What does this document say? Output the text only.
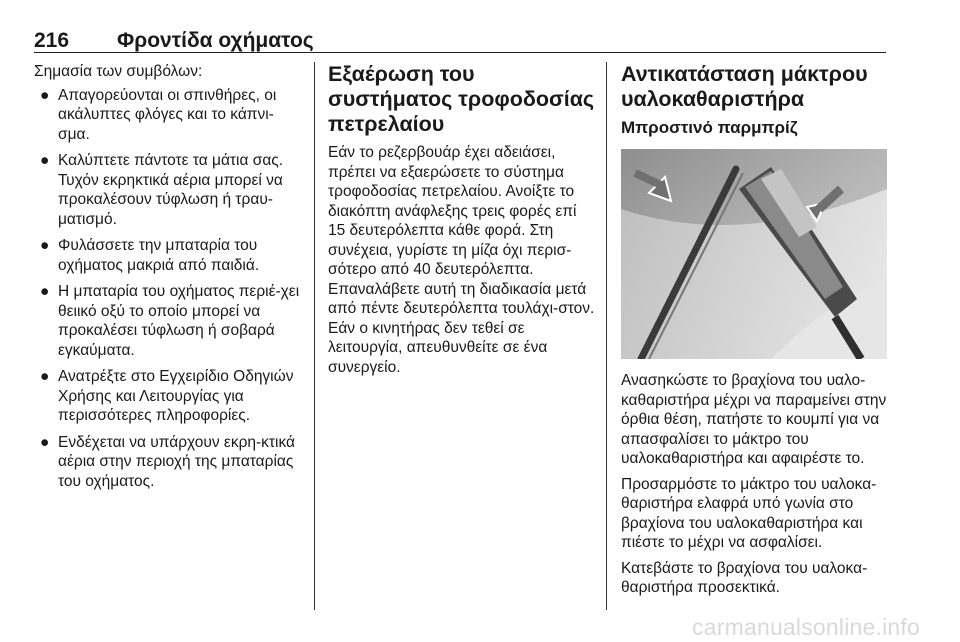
216 Φροντίδα οχήματος

Σημασία των συμβόλων:

● Απαγορεύονται οι σπινθήρες, οι ακάλυπτες φλόγες και το κάπνι-σμα.
● Καλύπτετε πάντοτε τα μάτια σας. Τυχόν εκρηκτικά αέρια μπορεί να προκαλέσουν τύφλωση ή τραυ-ματισμό.
● Φυλάσσετε την μπαταρία του οχήματος μακριά από παιδιά.
● Η μπαταρία του οχήματος περιέ-χει θειικό οξύ το οποίο μπορεί να προκαλέσει τύφλωση ή σοβαρά εγκαύματα.
● Ανατρέξτε στο Εγχειρίδιο Οδηγιών Χρήσης και Λειτουργίας για περισσότερες πληροφορίες.
● Ενδέχεται να υπάρχουν εκρη-κτικά αέρια στην περιοχή της μπαταρίας του οχήματος.
Εξαέρωση του συστήματος τροφοδοσίας πετρελαίου

Εάν το ρεζερβουάρ έχει αδειάσει, πρέπει να εξαερώσετε το σύστημα τροφοδοσίας πετρελαίου. Ανοίξτε το διακόπτη ανάφλεξης τρεις φορές επί 15 δευτερόλεπτα κάθε φορά. Στη συνέχεια, γυρίστε τη μίζα όχι περισ-σότερο από 40 δευτερόλεπτα. Επαναλάβετε αυτή τη διαδικασία μετά από πέντε δευτερόλεπτα τουλάχι-στον. Εάν ο κινητήρας δεν τεθεί σε λειτουργία, απευθυνθείτε σε ένα συνεργείο.

Αντικατάσταση μάκτρου υαλοκαθαριστήρα
Μπροστινό παρμπρίζ

Ανασηκώστε το βραχίονα του υαλο-καθαριστήρα μέχρι να παραμείνει στην όρθια θέση, πατήστε το κουμπί για να απασφαλίσει το μάκτρο του υαλοκαθαριστήρα και αφαιρέστε το.

Προσαρμόστε το μάκτρο του υαλοκα-θαριστήρα ελαφρά υπό γωνία στο βραχίονα του υαλοκαθαριστήρα και πιέστε το μέχρι να ασφαλίσει.

Κατεβάστε το βραχίονα του υαλοκα-θαριστήρα προσεκτικά.

carmanualsonline.info
